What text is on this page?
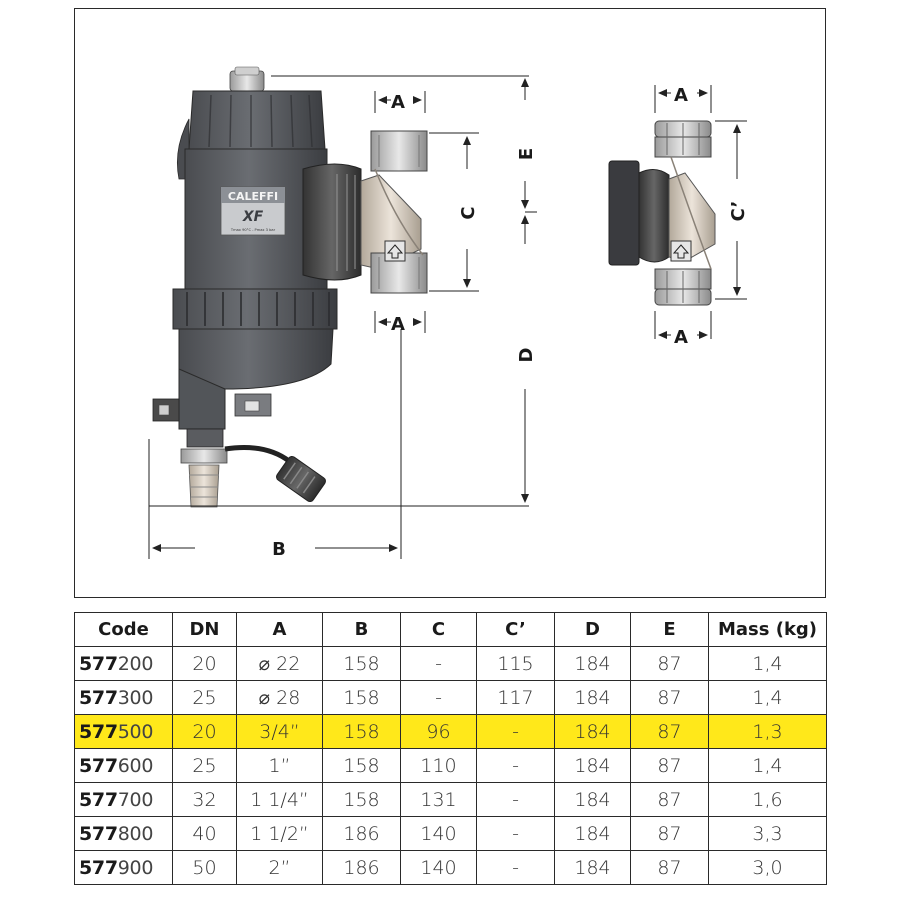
CALEFFI
XF
Tmax 90°C - Pmax 3 bar
A
A
E
C
D
B
A
A
C’
Code	DN	A	B	C	C’	D	E	Mass (kg)
577200	20	⌀ 22	158	-	115	184	87	1,4
577300	25	⌀ 28	158	-	117	184	87	1,4
577500	20	3/4”	158	96	-	184	87	1,3
577600	25	1”	158	110	-	184	87	1,4
577700	32	1 1/4”	158	131	-	184	87	1,6
577800	40	1 1/2”	186	140	-	184	87	3,3
577900	50	2”	186	140	-	184	87	3,0
